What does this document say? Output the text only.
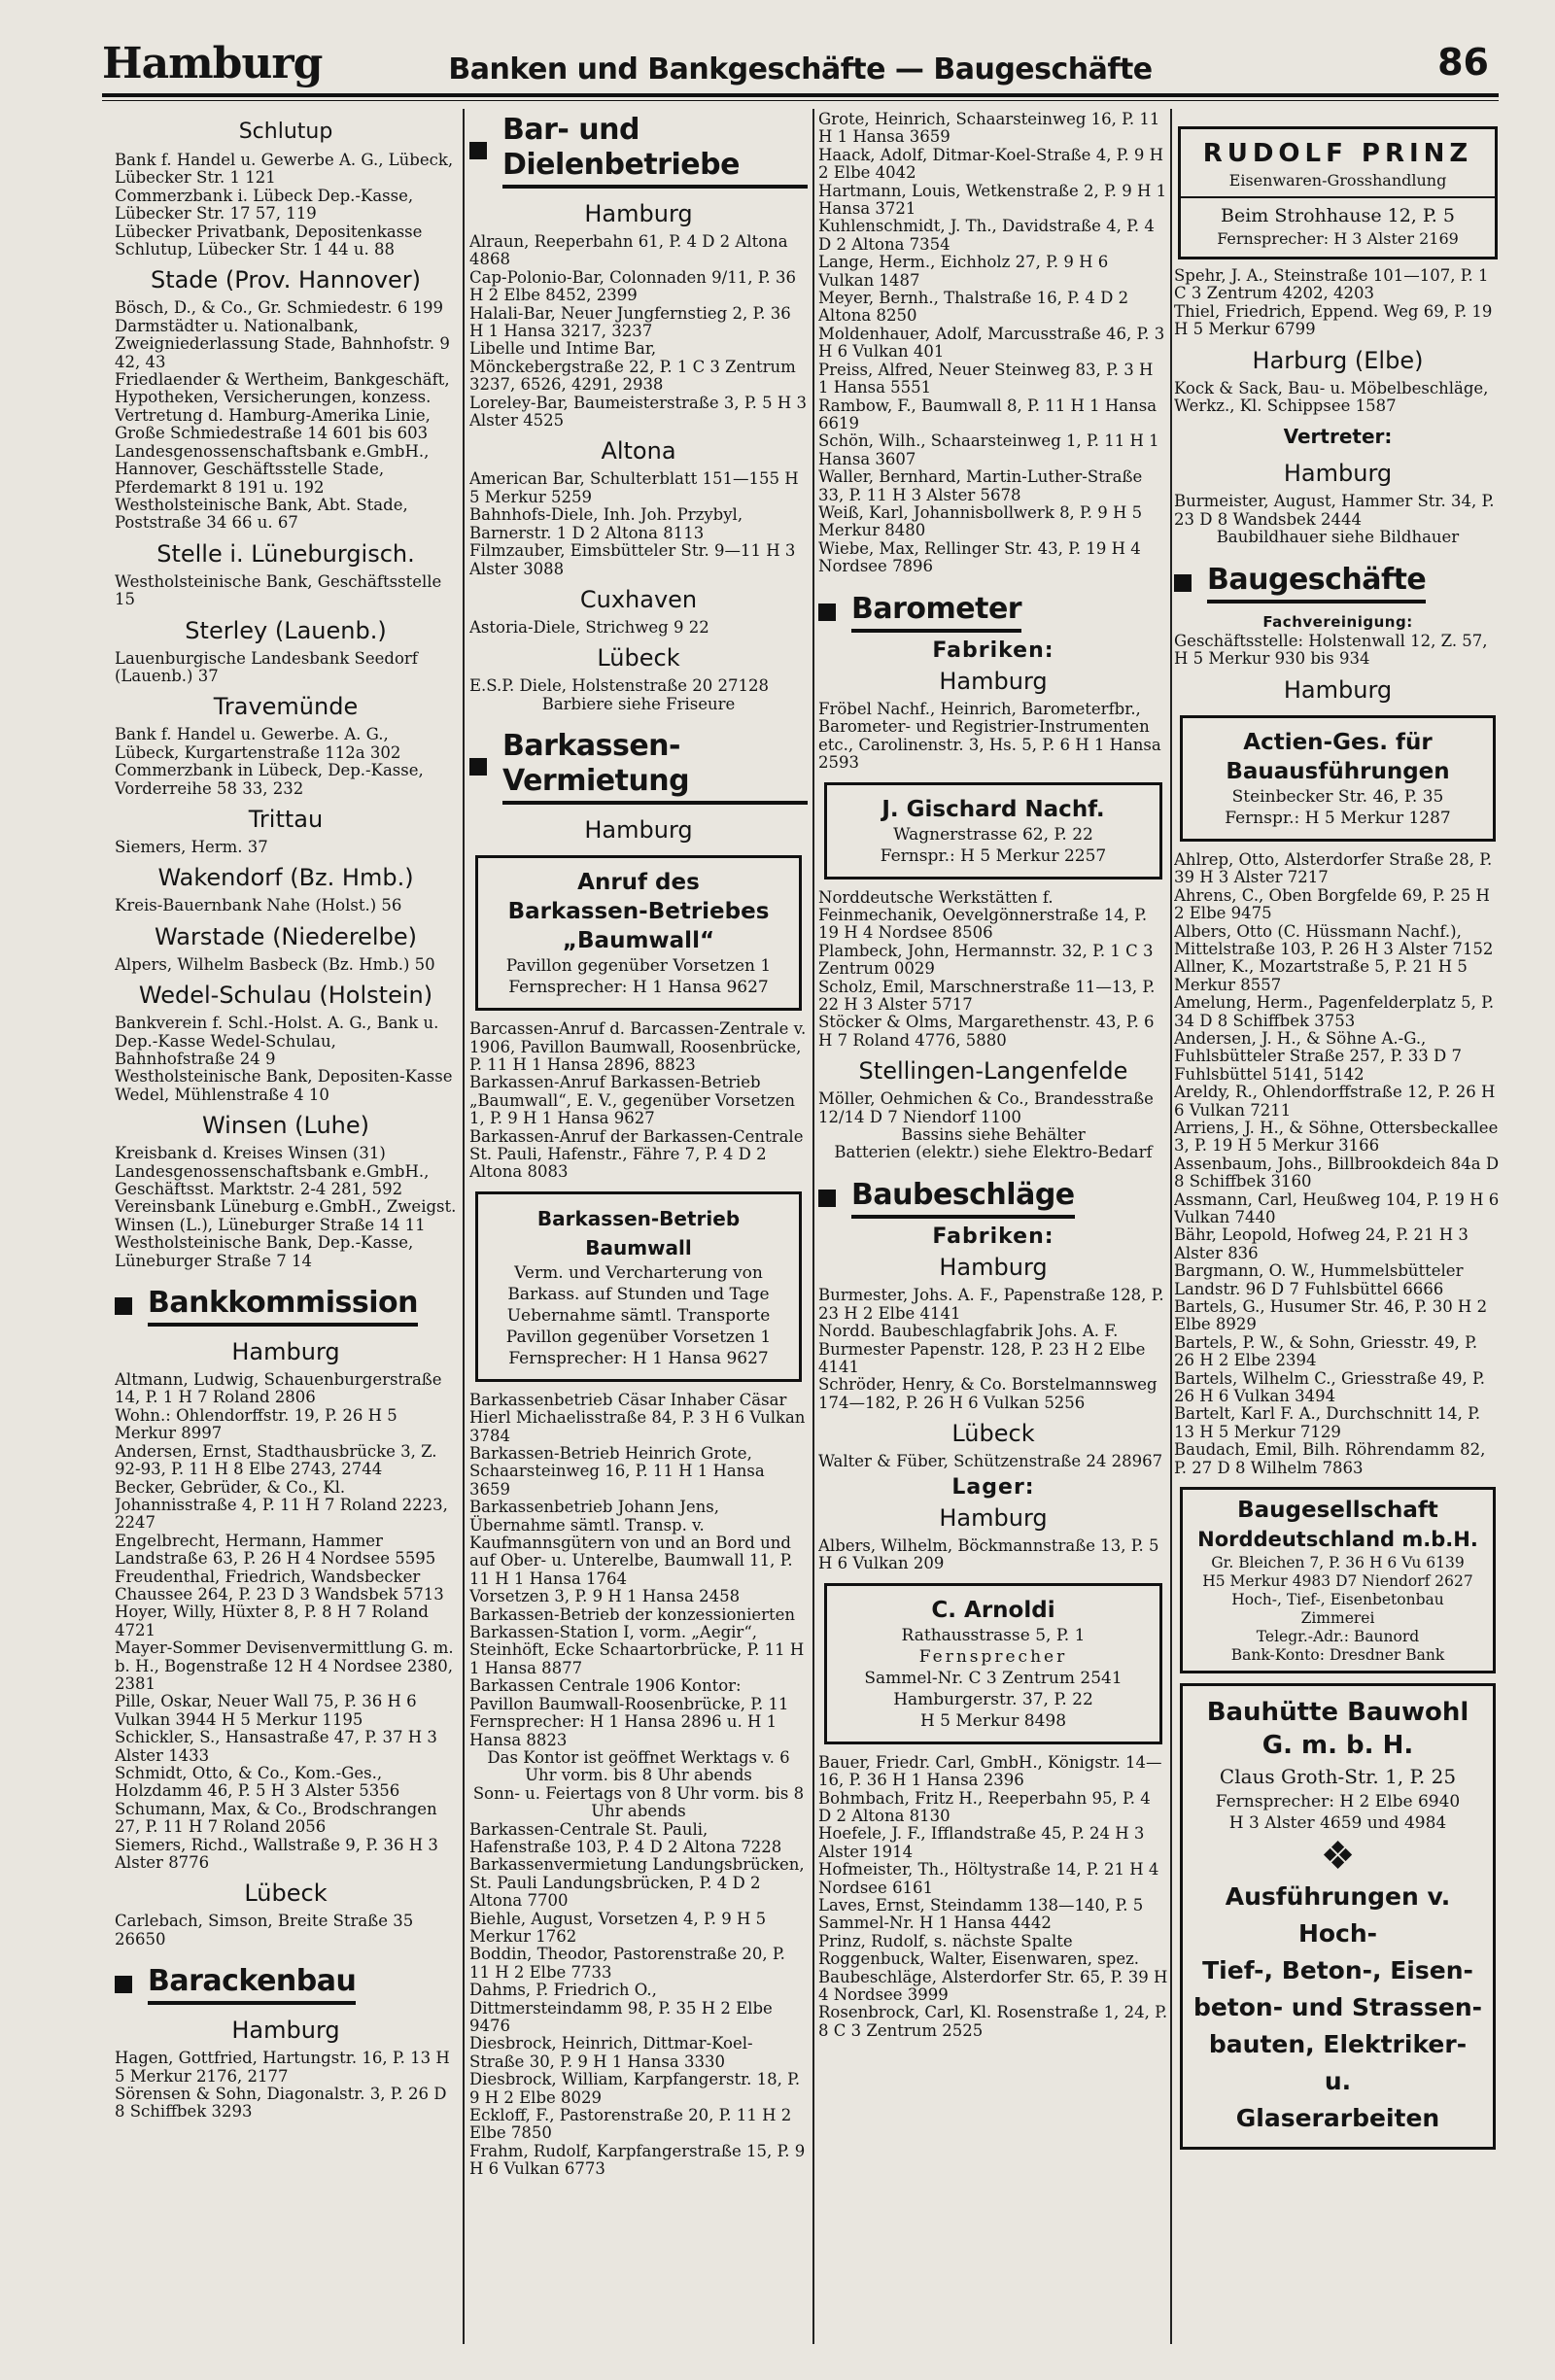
Hamburg	Banken und Bankgeschäfte — Baugeschäfte	86
Schlutup

Bank f. Handel u. Gewerbe A. G., Lübeck, Lübecker Str. 1 121

Commerzbank i. Lübeck Dep.-Kasse, Lübecker Str. 17 57, 119

Lübecker Privatbank, Depositenkasse Schlutup, Lübecker Str. 1 44 u. 88

Stade (Prov. Hannover)

Bösch, D., & Co., Gr. Schmiedestr. 6 199

Darmstädter u. Nationalbank, Zweigniederlassung Stade, Bahnhofstr. 9 42, 43

Friedlaender & Wertheim, Bankgeschäft, Hypotheken, Versicherungen, konzess. Vertretung d. Hamburg-Amerika Linie, Große Schmiedestraße 14 601 bis 603

Landesgenossenschaftsbank e.GmbH., Hannover, Geschäftsstelle Stade, Pferdemarkt 8 191 u. 192

Westholsteinische Bank, Abt. Stade, Poststraße 34 66 u. 67

Stelle i. Lüneburgisch.

Westholsteinische Bank, Geschäftsstelle 15

Sterley (Lauenb.)

Lauenburgische Landesbank Seedorf (Lauenb.) 37

Travemünde

Bank f. Handel u. Gewerbe. A. G., Lübeck, Kurgartenstraße 112a 302

Commerzbank in Lübeck, Dep.-Kasse, Vorderreihe 58 33, 232

Trittau

Siemers, Herm. 37

Wakendorf (Bz. Hmb.)

Kreis-Bauernbank Nahe (Holst.) 56

Warstade (Niederelbe)

Alpers, Wilhelm Basbeck (Bz. Hmb.) 50

Wedel-Schulau (Holstein)

Bankverein f. Schl.-Holst. A. G., Bank u. Dep.-Kasse Wedel-Schulau, Bahnhofstraße 24 9

Westholsteinische Bank, Depositen-Kasse Wedel, Mühlenstraße 4 10

Winsen (Luhe)

Kreisbank d. Kreises Winsen (31)

Landesgenossenschaftsbank e.GmbH., Geschäftsst. Marktstr. 2-4 281, 592

Vereinsbank Lüneburg e.GmbH., Zweigst. Winsen (L.), Lüneburger Straße 14 11

Westholsteinische Bank, Dep.-Kasse, Lüneburger Straße 7 14

Bankkommission
Hamburg

Altmann, Ludwig, Schauenburgerstraße 14, P. 1 H 7 Roland 2806

Wohn.: Ohlendorffstr. 19, P. 26 H 5 Merkur 8997

Andersen, Ernst, Stadthausbrücke 3, Z. 92-93, P. 11 H 8 Elbe 2743, 2744

Becker, Gebrüder, & Co., Kl. Johannisstraße 4, P. 11 H 7 Roland 2223, 2247

Engelbrecht, Hermann, Hammer Landstraße 63, P. 26 H 4 Nordsee 5595

Freudenthal, Friedrich, Wandsbecker Chaussee 264, P. 23 D 3 Wandsbek 5713

Hoyer, Willy, Hüxter 8, P. 8 H 7 Roland 4721

Mayer-Sommer Devisenvermittlung G. m. b. H., Bogenstraße 12 H 4 Nordsee 2380, 2381

Pille, Oskar, Neuer Wall 75, P. 36 H 6 Vulkan 3944 H 5 Merkur 1195

Schickler, S., Hansastraße 47, P. 37 H 3 Alster 1433

Schmidt, Otto, & Co., Kom.-Ges., Holzdamm 46, P. 5 H 3 Alster 5356

Schumann, Max, & Co., Brodschrangen 27, P. 11 H 7 Roland 2056

Siemers, Richd., Wallstraße 9, P. 36 H 3 Alster 8776

Lübeck

Carlebach, Simson, Breite Straße 35 26650

Barackenbau
Hamburg

Hagen, Gottfried, Hartungstr. 16, P. 13 H 5 Merkur 2176, 2177

Sörensen & Sohn, Diagonalstr. 3, P. 26 D 8 Schiffbek 3293

Bar- und Dielenbetriebe
Hamburg

Alraun, Reeperbahn 61, P. 4 D 2 Altona 4868

Cap-Polonio-Bar, Colonnaden 9/11, P. 36 H 2 Elbe 8452, 2399

Halali-Bar, Neuer Jungfernstieg 2, P. 36 H 1 Hansa 3217, 3237

Libelle und Intime Bar, Mönckebergstraße 22, P. 1 C 3 Zentrum 3237, 6526, 4291, 2938

Loreley-Bar, Baumeisterstraße 3, P. 5 H 3 Alster 4525

Altona

American Bar, Schulterblatt 151—155 H 5 Merkur 5259

Bahnhofs-Diele, Inh. Joh. Przybyl, Barnerstr. 1 D 2 Altona 8113

Filmzauber, Eimsbütteler Str. 9—11 H 3 Alster 3088

Cuxhaven

Astoria-Diele, Strichweg 9 22

Lübeck

E.S.P. Diele, Holstenstraße 20 27128

Barbiere siehe Friseure

Barkassen-Vermietung
Hamburg
Anruf des
Barkassen-Betriebes
„Baumwall“
Pavillon gegenüber Vorsetzen 1
Fernsprecher: H 1 Hansa 9627

Barcassen-Anruf d. Barcassen-Zentrale v. 1906, Pavillon Baumwall, Roosenbrücke, P. 11 H 1 Hansa 2896, 8823

Barkassen-Anruf Barkassen-Betrieb „Baumwall“, E. V., gegenüber Vorsetzen 1, P. 9 H 1 Hansa 9627

Barkassen-Anruf der Barkassen-Centrale St. Pauli, Hafenstr., Fähre 7, P. 4 D 2 Altona 8083

Barkassen-Betrieb Baumwall
Verm. und Vercharterung von Barkass. auf Stunden und Tage
Uebernahme sämtl. Transporte
Pavillon gegenüber Vorsetzen 1
Fernsprecher: H 1 Hansa 9627

Barkassenbetrieb Cäsar Inhaber Cäsar Hierl Michaelisstraße 84, P. 3 H 6 Vulkan 3784

Barkassen-Betrieb Heinrich Grote, Schaarsteinweg 16, P. 11 H 1 Hansa 3659

Barkassenbetrieb Johann Jens, Übernahme sämtl. Transp. v. Kaufmannsgütern von und an Bord und auf Ober- u. Unterelbe, Baumwall 11, P. 11 H 1 Hansa 1764

Vorsetzen 3, P. 9 H 1 Hansa 2458

Barkassen-Betrieb der konzessionierten Barkassen-Station I, vorm. „Aegir“, Steinhöft, Ecke Schaartorbrücke, P. 11 H 1 Hansa 8877

Barkassen Centrale 1906 Kontor: Pavillon Baumwall-Roosenbrücke, P. 11

Fernsprecher: H 1 Hansa 2896 u. H 1 Hansa 8823

Das Kontor ist geöffnet Werktags v. 6 Uhr vorm. bis 8 Uhr abends

Sonn- u. Feiertags von 8 Uhr vorm. bis 8 Uhr abends

Barkassen-Centrale St. Pauli, Hafenstraße 103, P. 4 D 2 Altona 7228

Barkassenvermietung Landungsbrücken, St. Pauli Landungsbrücken, P. 4 D 2 Altona 7700

Biehle, August, Vorsetzen 4, P. 9 H 5 Merkur 1762

Boddin, Theodor, Pastorenstraße 20, P. 11 H 2 Elbe 7733

Dahms, P. Friedrich O., Dittmersteindamm 98, P. 35 H 2 Elbe 9476

Diesbrock, Heinrich, Dittmar-Koel-Straße 30, P. 9 H 1 Hansa 3330

Diesbrock, William, Karpfangerstr. 18, P. 9 H 2 Elbe 8029

Eckloff, F., Pastorenstraße 20, P. 11 H 2 Elbe 7850

Frahm, Rudolf, Karpfangerstraße 15, P. 9 H 6 Vulkan 6773

Grote, Heinrich, Schaarsteinweg 16, P. 11 H 1 Hansa 3659

Haack, Adolf, Ditmar-Koel-Straße 4, P. 9 H 2 Elbe 4042

Hartmann, Louis, Wetkenstraße 2, P. 9 H 1 Hansa 3721

Kuhlenschmidt, J. Th., Davidstraße 4, P. 4 D 2 Altona 7354

Lange, Herm., Eichholz 27, P. 9 H 6 Vulkan 1487

Meyer, Bernh., Thalstraße 16, P. 4 D 2 Altona 8250

Moldenhauer, Adolf, Marcusstraße 46, P. 3 H 6 Vulkan 401

Preiss, Alfred, Neuer Steinweg 83, P. 3 H 1 Hansa 5551

Rambow, F., Baumwall 8, P. 11 H 1 Hansa 6619

Schön, Wilh., Schaarsteinweg 1, P. 11 H 1 Hansa 3607

Waller, Bernhard, Martin-Luther-Straße 33, P. 11 H 3 Alster 5678

Weiß, Karl, Johannisbollwerk 8, P. 9 H 5 Merkur 8480

Wiebe, Max, Rellinger Str. 43, P. 19 H 4 Nordsee 7896

Barometer
Fabriken:
Hamburg

Fröbel Nachf., Heinrich, Barometerfbr., Barometer- und Registrier-Instrumenten etc., Carolinenstr. 3, Hs. 5, P. 6 H 1 Hansa 2593

J. Gischard Nachf.
Wagnerstrasse 62, P. 22
Fernspr.: H 5 Merkur 2257

Norddeutsche Werkstätten f. Feinmechanik, Oevelgönnerstraße 14, P. 19 H 4 Nordsee 8506

Plambeck, John, Hermannstr. 32, P. 1 C 3 Zentrum 0029

Scholz, Emil, Marschnerstraße 11—13, P. 22 H 3 Alster 5717

Stöcker & Olms, Margarethenstr. 43, P. 6 H 7 Roland 4776, 5880

Stellingen-Langenfelde

Möller, Oehmichen & Co., Brandesstraße 12/14 D 7 Niendorf 1100

Bassins siehe Behälter

Batterien (elektr.) siehe Elektro-Bedarf

Baubeschläge
Fabriken:
Hamburg

Burmester, Johs. A. F., Papenstraße 128, P. 23 H 2 Elbe 4141

Nordd. Baubeschlagfabrik Johs. A. F. Burmester Papenstr. 128, P. 23 H 2 Elbe 4141

Schröder, Henry, & Co. Borstelmannsweg 174—182, P. 26 H 6 Vulkan 5256

Lübeck

Walter & Füber, Schützenstraße 24 28967

Lager:
Hamburg

Albers, Wilhelm, Böckmannstraße 13, P. 5 H 6 Vulkan 209

C. Arnoldi
Rathausstrasse 5, P. 1
Fernsprecher
Sammel-Nr. C 3 Zentrum 2541
Hamburgerstr. 37, P. 22
H 5 Merkur 8498

Bauer, Friedr. Carl, GmbH., Königstr. 14—16, P. 36 H 1 Hansa 2396

Bohmbach, Fritz H., Reeperbahn 95, P. 4 D 2 Altona 8130

Hoefele, J. F., Ifflandstraße 45, P. 24 H 3 Alster 1914

Hofmeister, Th., Höltystraße 14, P. 21 H 4 Nordsee 6161

Laves, Ernst, Steindamm 138—140, P. 5 Sammel-Nr. H 1 Hansa 4442

Prinz, Rudolf, s. nächste Spalte

Roggenbuck, Walter, Eisenwaren, spez. Baubeschläge, Alsterdorfer Str. 65, P. 39 H 4 Nordsee 3999

Rosenbrock, Carl, Kl. Rosenstraße 1, 24, P. 8 C 3 Zentrum 2525

RUDOLF PRINZ
Eisenwaren-Grosshandlung
Beim Strohhause 12, P. 5
Fernsprecher: H 3 Alster 2169

Spehr, J. A., Steinstraße 101—107, P. 1 C 3 Zentrum 4202, 4203

Thiel, Friedrich, Eppend. Weg 69, P. 19 H 5 Merkur 6799

Harburg (Elbe)

Kock & Sack, Bau- u. Möbelbeschläge, Werkz., Kl. Schippsee 1587

Vertreter:
Hamburg

Burmeister, August, Hammer Str. 34, P. 23 D 8 Wandsbek 2444

Baubildhauer siehe Bildhauer

Baugeschäfte
Fachvereinigung:

Geschäftsstelle: Holstenwall 12, Z. 57, H 5 Merkur 930 bis 934

Hamburg
Actien-Ges. für
Bauausführungen
Steinbecker Str. 46, P. 35
Fernspr.: H 5 Merkur 1287

Ahlrep, Otto, Alsterdorfer Straße 28, P. 39 H 3 Alster 7217

Ahrens, C., Oben Borgfelde 69, P. 25 H 2 Elbe 9475

Albers, Otto (C. Hüssmann Nachf.), Mittelstraße 103, P. 26 H 3 Alster 7152

Allner, K., Mozartstraße 5, P. 21 H 5 Merkur 8557

Amelung, Herm., Pagenfelderplatz 5, P. 34 D 8 Schiffbek 3753

Andersen, J. H., & Söhne A.-G., Fuhlsbütteler Straße 257, P. 33 D 7 Fuhlsbüttel 5141, 5142

Areldy, R., Ohlendorffstraße 12, P. 26 H 6 Vulkan 7211

Arriens, J. H., & Söhne, Ottersbeckallee 3, P. 19 H 5 Merkur 3166

Assenbaum, Johs., Billbrookdeich 84a D 8 Schiffbek 3160

Assmann, Carl, Heußweg 104, P. 19 H 6 Vulkan 7440

Bähr, Leopold, Hofweg 24, P. 21 H 3 Alster 836

Bargmann, O. W., Hummelsbütteler Landstr. 96 D 7 Fuhlsbüttel 6666

Bartels, G., Husumer Str. 46, P. 30 H 2 Elbe 8929

Bartels, P. W., & Sohn, Griesstr. 49, P. 26 H 2 Elbe 2394

Bartels, Wilhelm C., Griesstraße 49, P. 26 H 6 Vulkan 3494

Bartelt, Karl F. A., Durchschnitt 14, P. 13 H 5 Merkur 7129

Baudach, Emil, Bilh. Röhrendamm 82, P. 27 D 8 Wilhelm 7863

Baugesellschaft
Norddeutschland m.b.H.
Gr. Bleichen 7, P. 36 H 6 Vu 6139
H5 Merkur 4983 D7 Niendorf 2627
Hoch-, Tief-, Eisenbetonbau
Zimmerei
Telegr.-Adr.: Baunord
Bank-Konto: Dresdner Bank
Bauhütte Bauwohl
G. m. b. H.
Claus Groth-Str. 1, P. 25
Fernsprecher: H 2 Elbe 6940
H 3 Alster 4659 und 4984
❖
Ausführungen v. Hoch-
Tief-, Beton-, Eisen-
beton- und Strassen-
bauten, Elektriker- u.
Glaserarbeiten
